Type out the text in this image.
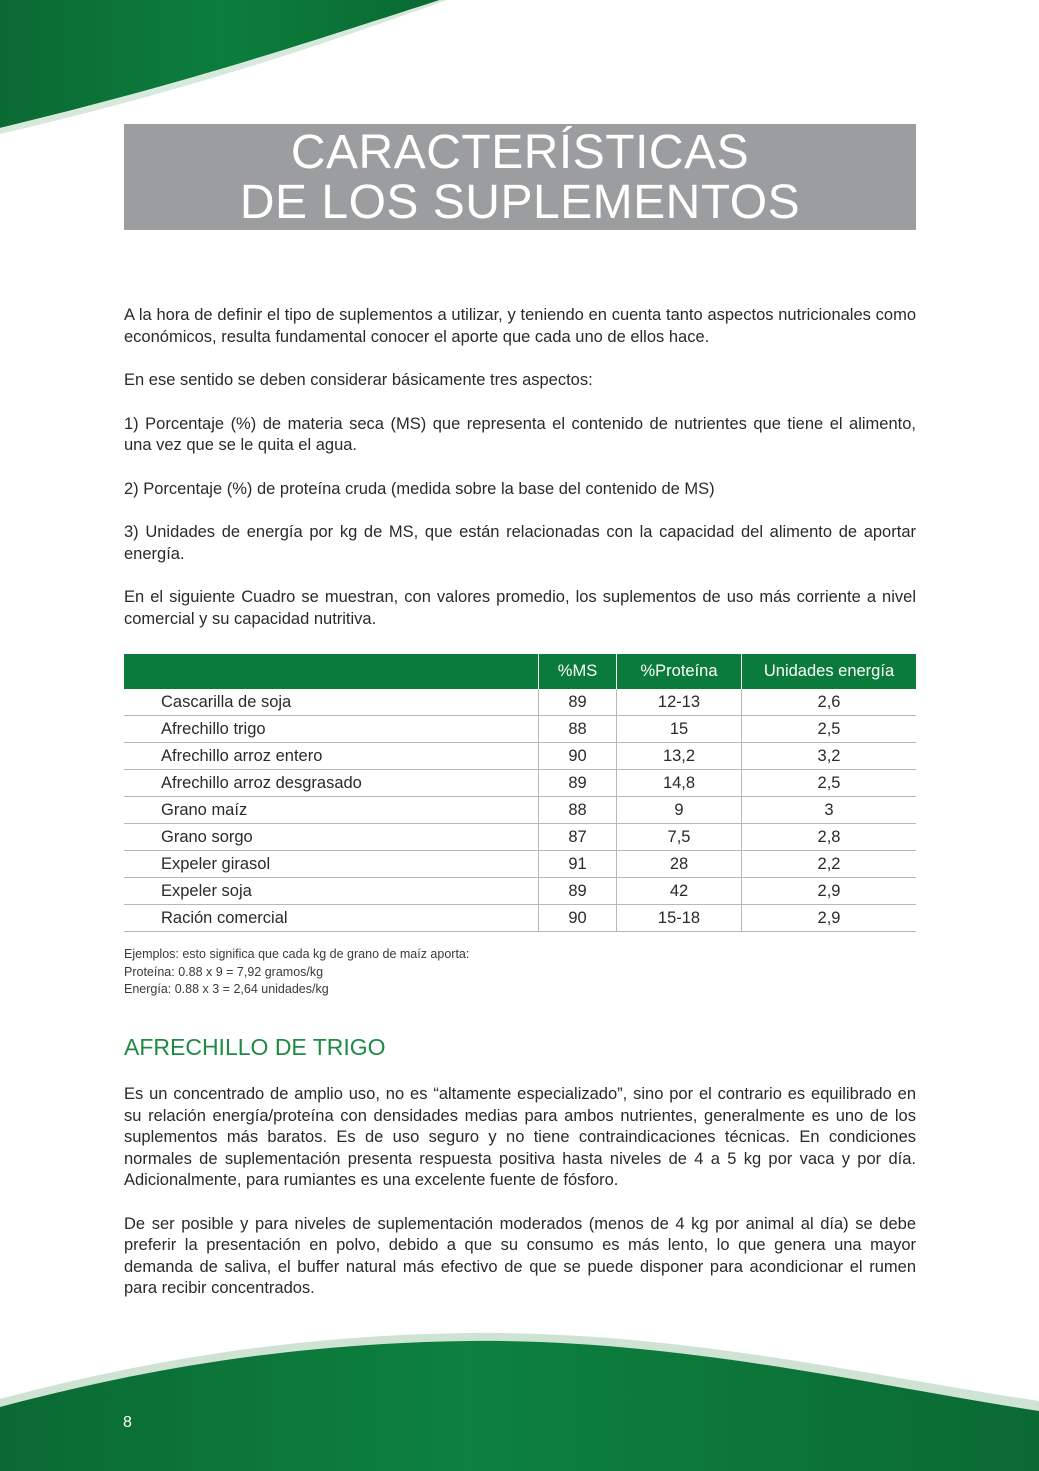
CARACTERÍSTICAS
DE LOS SUPLEMENTOS

A la hora de definir el tipo de suplementos a utilizar, y teniendo en cuenta tanto aspectos nutricionales como económicos, resulta fundamental conocer el aporte que cada uno de ellos hace.

En ese sentido se deben considerar básicamente tres aspectos:

1) Porcentaje (%) de materia seca (MS) que representa el contenido de nutrientes que tiene el alimento, una vez que se le quita el agua.

2) Porcentaje (%) de proteína cruda (medida sobre la base del contenido de MS)

3) Unidades de energía por kg de MS, que están relacionadas con la capacidad del alimento de aportar energía.

En el siguiente Cuadro se muestran, con valores promedio, los suplementos de uso más corriente a nivel comercial y su capacidad nutritiva.

	%MS	%Proteína	Unidades energía
Cascarilla de soja	89	12-13	2,6
Afrechillo trigo	88	15	2,5
Afrechillo arroz entero	90	13,2	3,2
Afrechillo arroz desgrasado	89	14,8	2,5
Grano maíz	88	9	3
Grano sorgo	87	7,5	2,8
Expeler girasol	91	28	2,2
Expeler soja	89	42	2,9
Ración comercial	90	15-18	2,9
Ejemplos: esto significa que cada kg de grano de maíz aporta:
Proteína: 0.88 x 9 = 7,92 gramos/kg
Energía: 0.88 x 3 = 2,64 unidades/kg
AFRECHILLO DE TRIGO

Es un concentrado de amplio uso, no es “altamente especializado”, sino por el contrario es equilibrado en su relación energía/proteína con densidades medias para ambos nutrientes, generalmente es uno de los suplementos más baratos. Es de uso seguro y no tiene contraindicaciones técnicas. En condiciones normales de suplementación presenta respuesta positiva hasta niveles de 4 a 5 kg por vaca y por día. Adicionalmente, para rumiantes es una excelente fuente de fósforo.

De ser posible y para niveles de suplementación moderados (menos de 4 kg por animal al día) se debe preferir la presentación en polvo, debido a que su consumo es más lento, lo que genera una mayor demanda de saliva, el buffer natural más efectivo de que se puede disponer para acondicionar el rumen para recibir concentrados.

8
